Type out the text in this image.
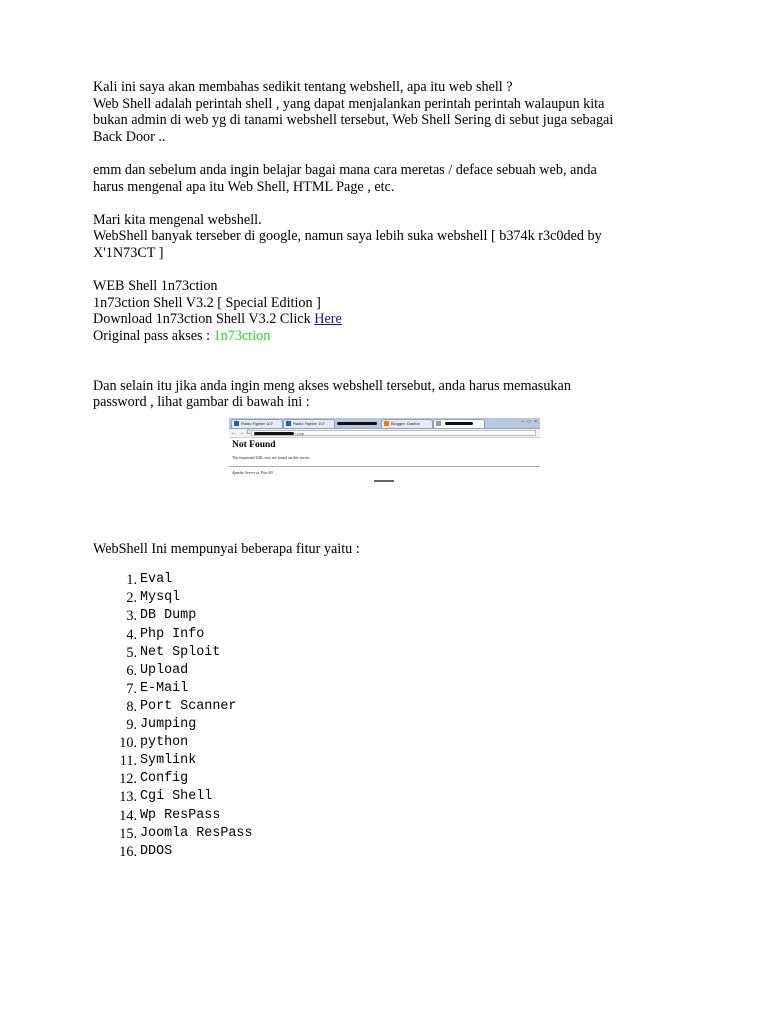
Kali ini saya akan membahas sedikit tentang webshell, apa itu web shell ?

Web Shell adalah perintah shell , yang dapat menjalankan perintah perintah walaupun kita

bukan admin di web yg di tanami webshell tersebut, Web Shell Sering di sebut juga sebagai

Back Door ..

emm dan sebelum anda ingin belajar bagai mana cara meretas / deface sebuah web, anda

harus mengenal apa itu Web Shell, HTML Page , etc.

Mari kita mengenal webshell.

WebShell banyak terseber di google, namun saya lebih suka webshell [ b374k r3c0ded by

X'1N73CT ]

WEB Shell 1n73ction

1n73ction Shell V3.2 [ Special Edition ]

Download 1n73ction Shell V3.2 Click Here

Original pass akses : 1n73ction

Dan selain itu jika anda ingin meng akses webshell tersebut, anda harus memasukan

password , lihat gambar di bawah ini :

Radio Fighter 107	Radio Fighter 107	Blogger: Dasbor	– □ ×
← → C	/.php
Not Found
The requested URL was not found on this server.
Apache Server at Port 80

WebShell Ini mempunyai beberapa fitur yaitu :

1. Eval
2. Mysql
3. DB Dump
4. Php Info
5. Net Sploit
6. Upload
7. E-Mail
8. Port Scanner
9. Jumping
10. python
11. Symlink
12. Config
13. Cgi Shell
14. Wp ResPass
15. Joomla ResPass
16. DDOS
